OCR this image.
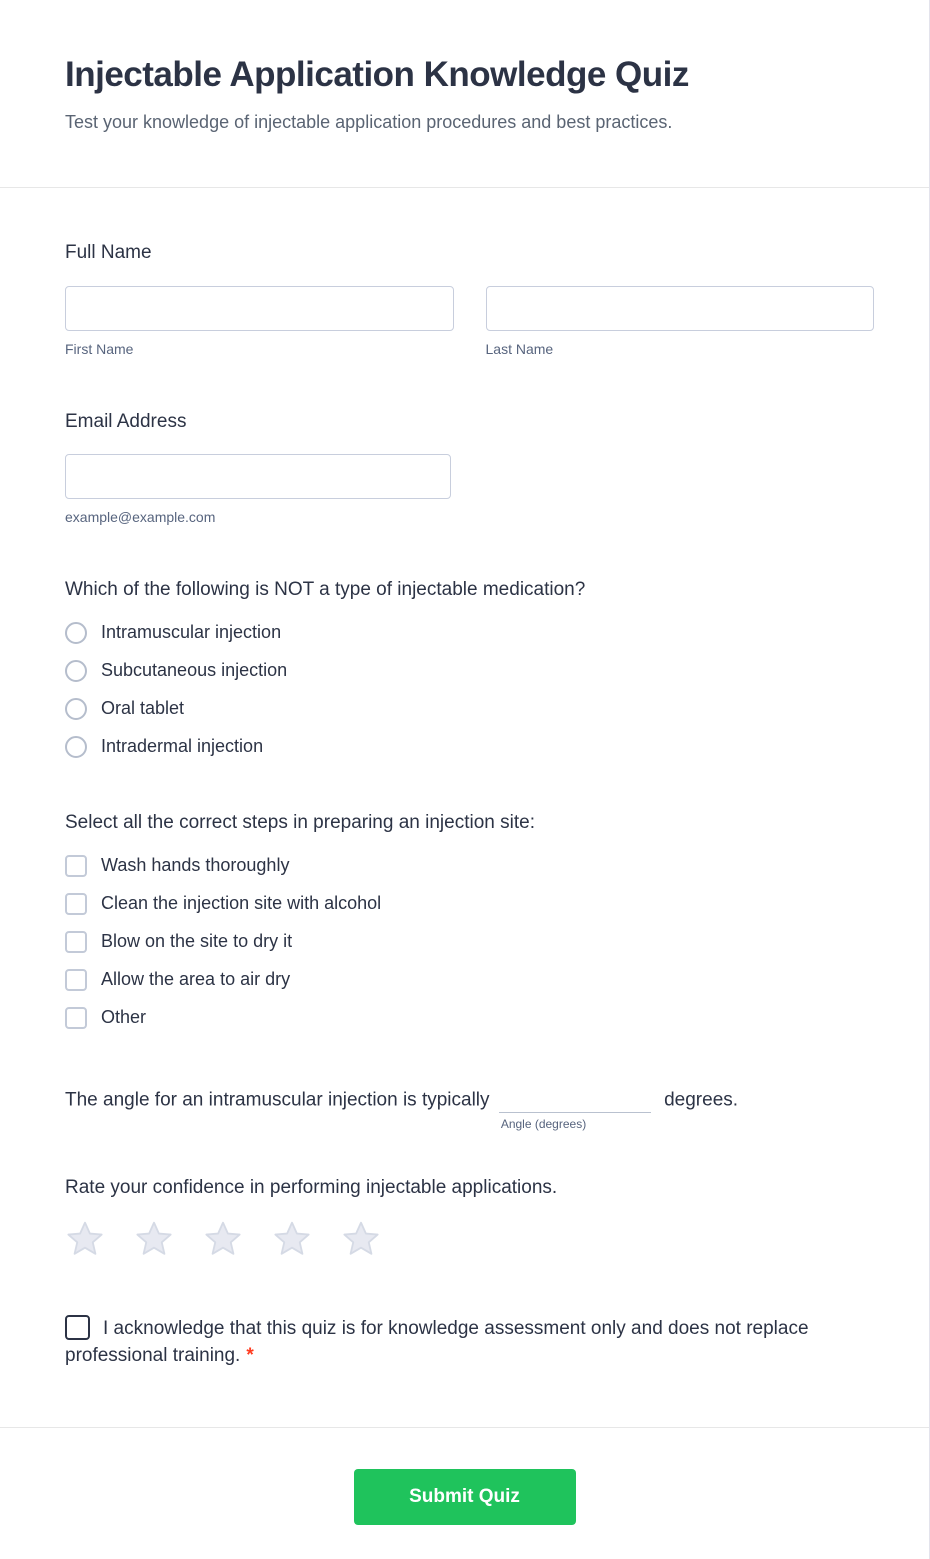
Injectable Application Knowledge Quiz

Test your knowledge of injectable application procedures and best practices.

Full Name
First Name	Last Name
Email Address
example@example.com
Which of the following is NOT a type of injectable medication?
Intramuscular injection
Subcutaneous injection
Oral tablet
Intradermal injection
Select all the correct steps in preparing an injection site:
Wash hands thoroughly
Clean the injection site with alcohol
Blow on the site to dry it
Allow the area to air dry
Other
The angle for an intramuscular injection is typically
Angle (degrees)
degrees.
Rate your confidence in performing injectable applications.
I acknowledge that this quiz is for knowledge assessment only and does not replace professional training. *
Submit Quiz
